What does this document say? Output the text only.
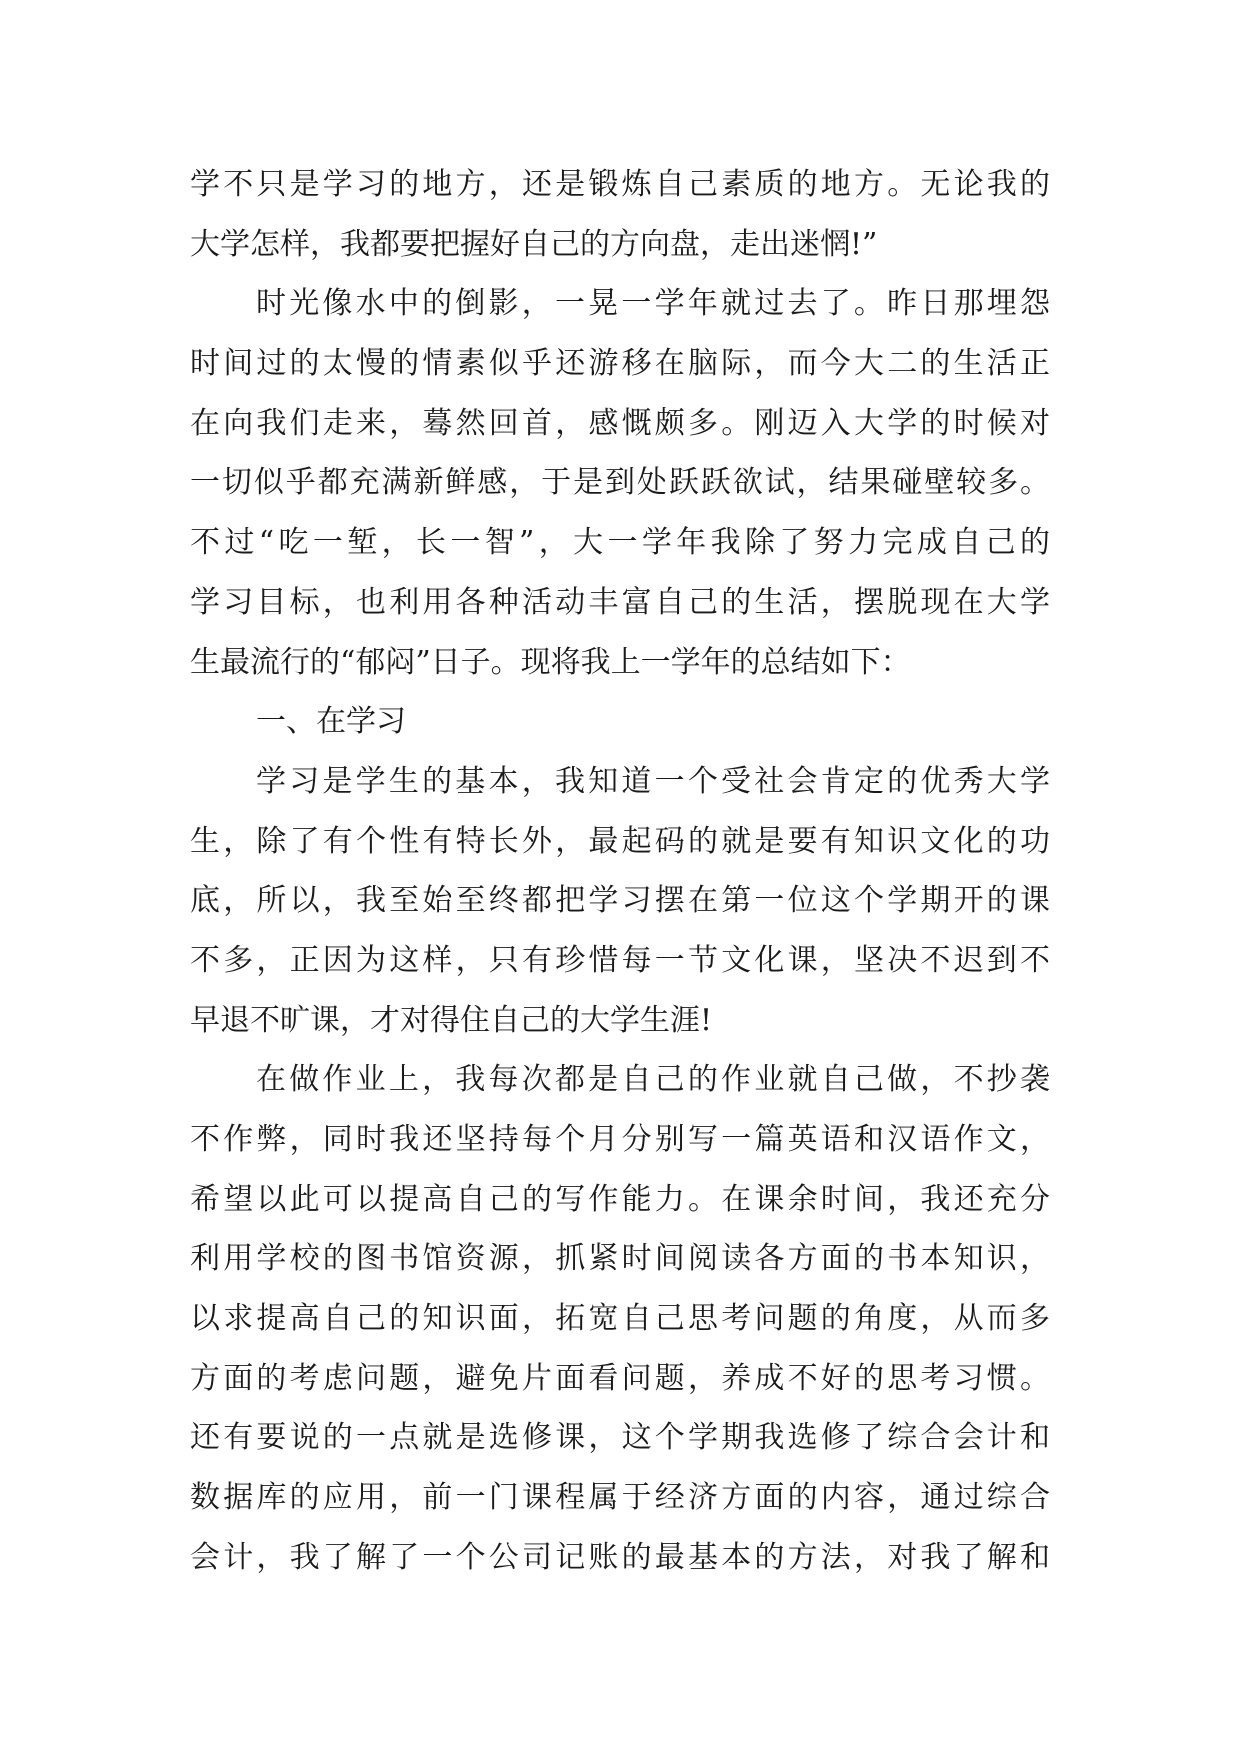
学不只是学习的地方，还是锻炼自己素质的地方。无论我的
大学怎样，我都要把握好自己的方向盘，走出迷惘!”
时光像水中的倒影，一晃一学年就过去了。昨日那埋怨
时间过的太慢的情素似乎还游移在脑际，而今大二的生活正
在向我们走来，蓦然回首，感慨颇多。刚迈入大学的时候对
一切似乎都充满新鲜感，于是到处跃跃欲试，结果碰壁较多。
不过“吃一堑，长一智”，大一学年我除了努力完成自己的
学习目标，也利用各种活动丰富自己的生活，摆脱现在大学
生最流行的“郁闷”日子。现将我上一学年的总结如下：
一、在学习
学习是学生的基本，我知道一个受社会肯定的优秀大学
生，除了有个性有特长外，最起码的就是要有知识文化的功
底，所以，我至始至终都把学习摆在第一位这个学期开的课
不多，正因为这样，只有珍惜每一节文化课，坚决不迟到不
早退不旷课，才对得住自己的大学生涯!
在做作业上，我每次都是自己的作业就自己做，不抄袭
不作弊，同时我还坚持每个月分别写一篇英语和汉语作文，
希望以此可以提高自己的写作能力。在课余时间，我还充分
利用学校的图书馆资源，抓紧时间阅读各方面的书本知识，
以求提高自己的知识面，拓宽自己思考问题的角度，从而多
方面的考虑问题，避免片面看问题，养成不好的思考习惯。
还有要说的一点就是选修课，这个学期我选修了综合会计和
数据库的应用，前一门课程属于经济方面的内容，通过综合
会计，我了解了一个公司记账的最基本的方法，对我了解和
